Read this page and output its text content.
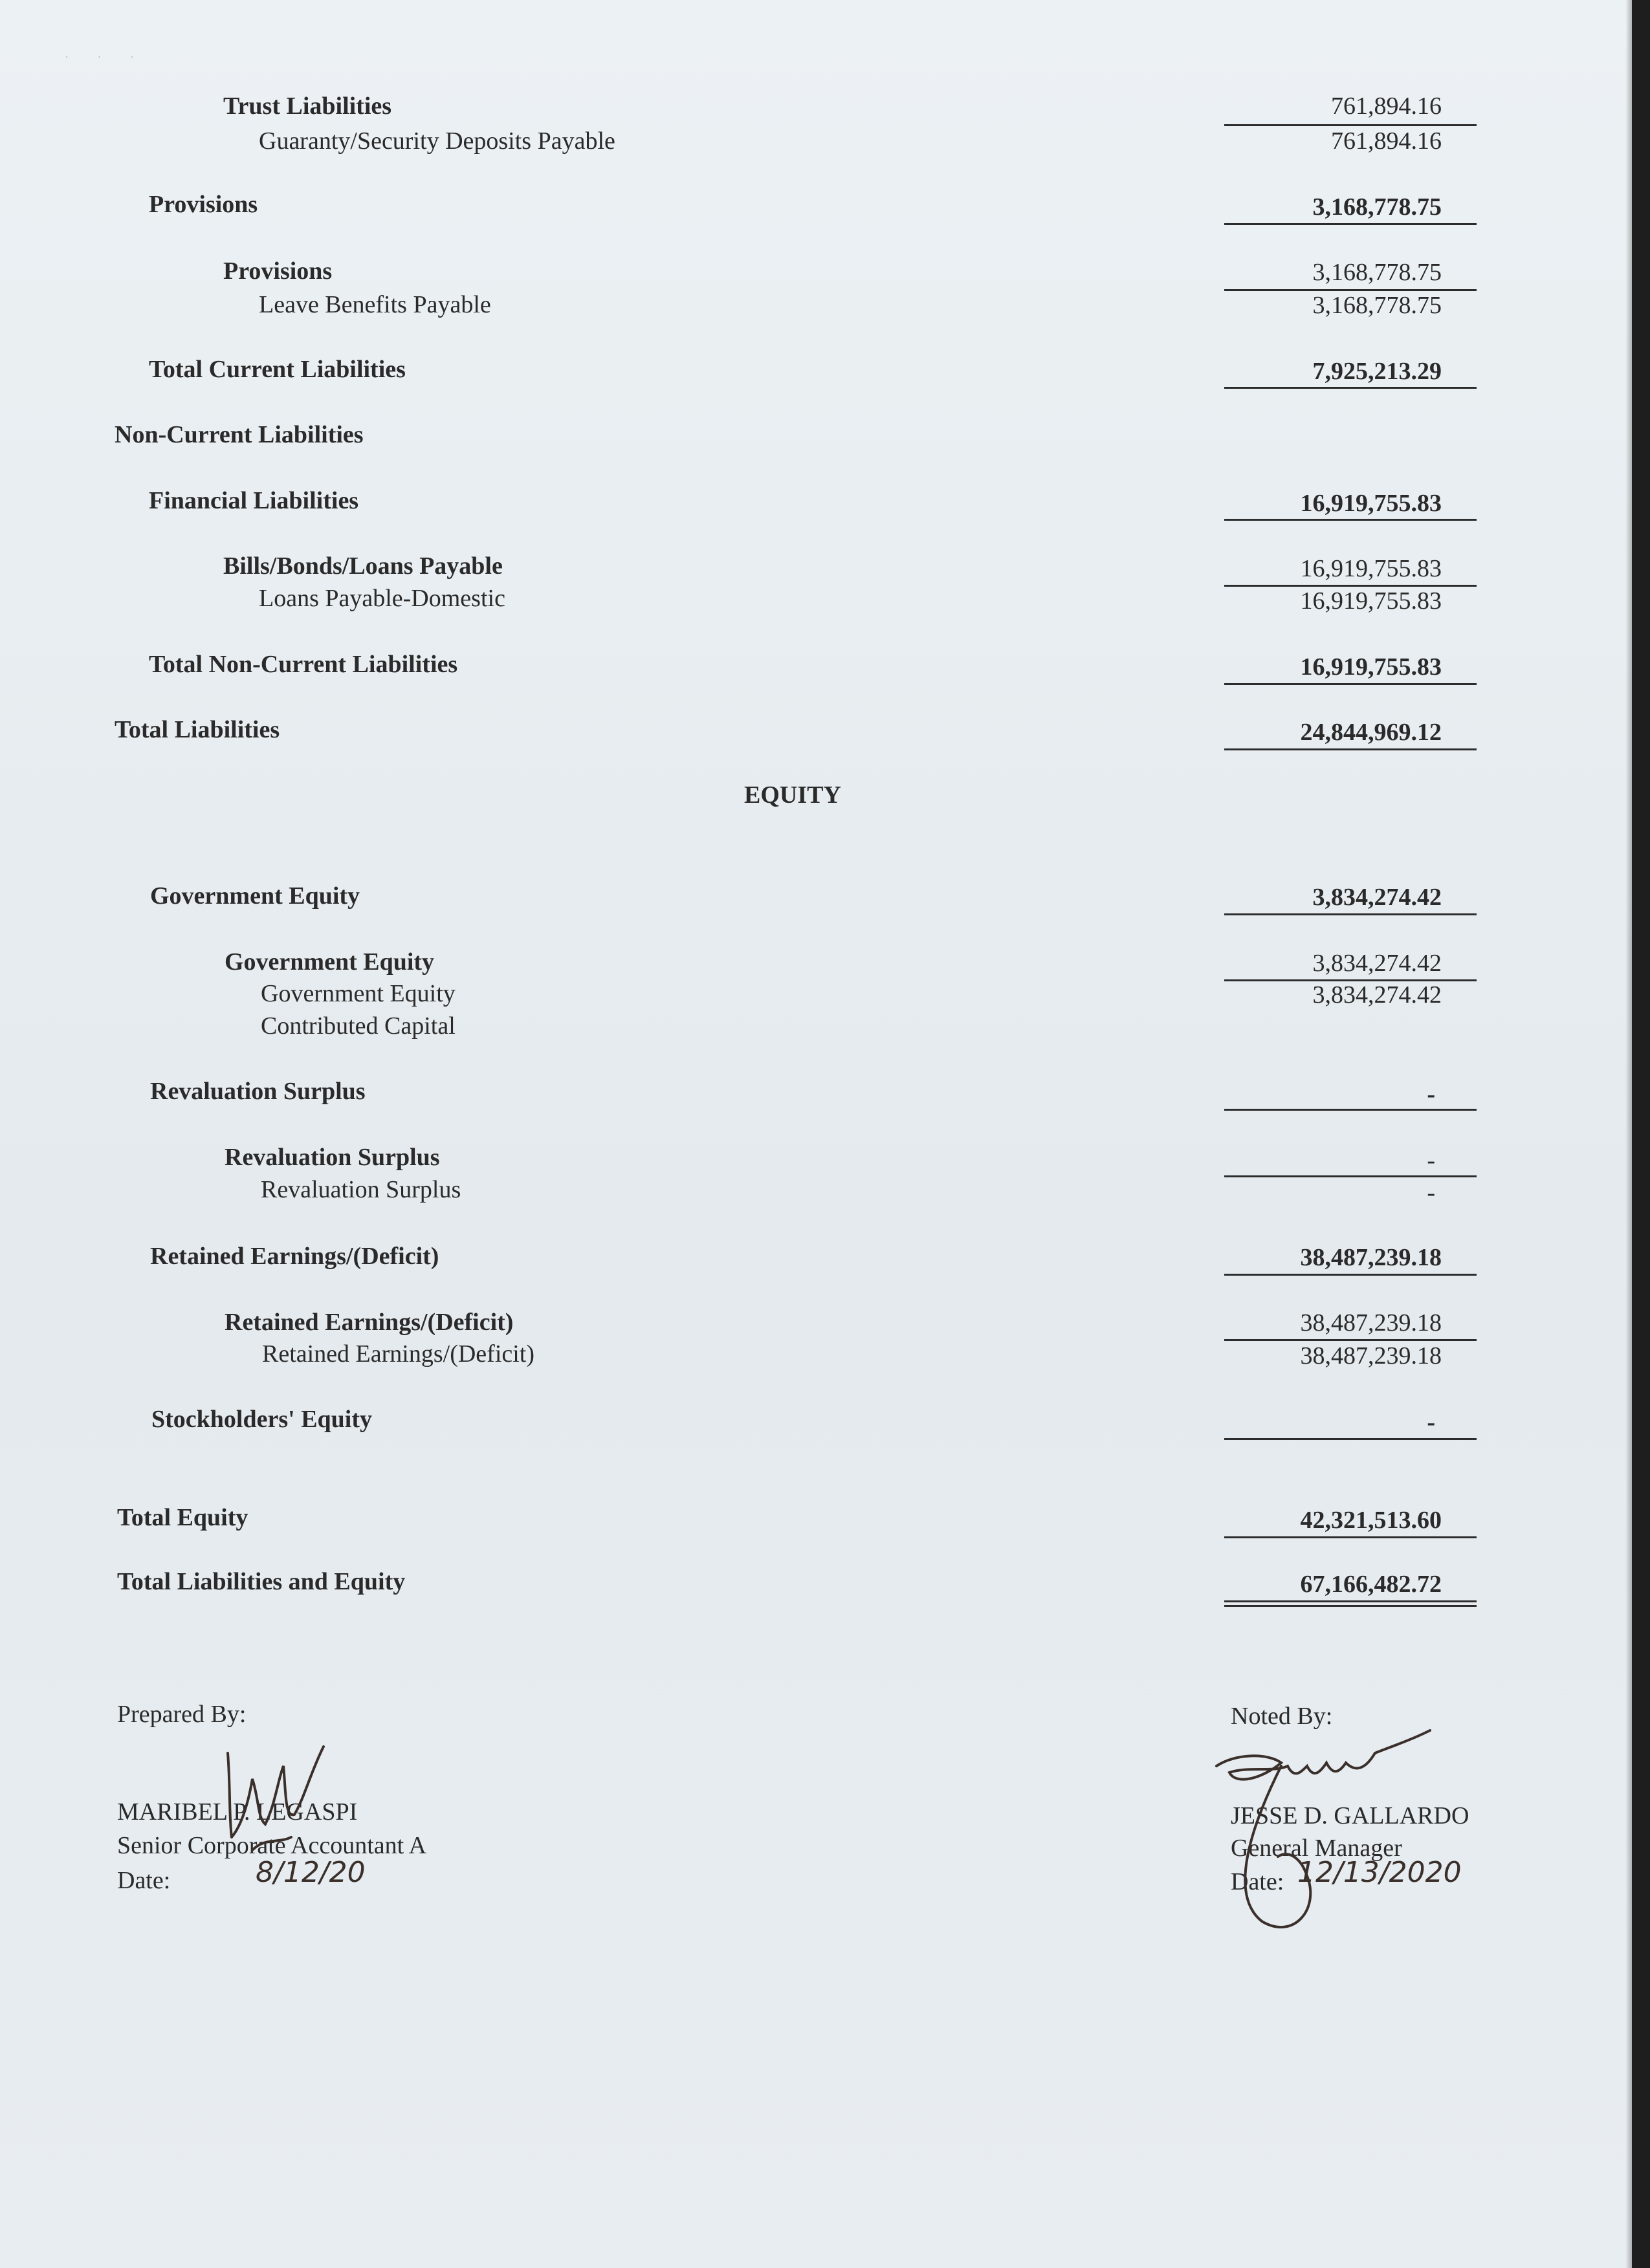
· · ·
Trust Liabilities	761,894.16
Guaranty/Security Deposits Payable	761,894.16
Provisions	3,168,778.75
Provisions	3,168,778.75
Leave Benefits Payable	3,168,778.75
Total Current Liabilities	7,925,213.29
Non-Current Liabilities
Financial Liabilities	16,919,755.83
Bills/Bonds/Loans Payable	16,919,755.83
Loans Payable-Domestic	16,919,755.83
Total Non-Current Liabilities	16,919,755.83
Total Liabilities	24,844,969.12
EQUITY
Government Equity	3,834,274.42
Government Equity	3,834,274.42
Government Equity	3,834,274.42
Contributed Capital
Revaluation Surplus	-
Revaluation Surplus	-
Revaluation Surplus	-
Retained Earnings/(Deficit)	38,487,239.18
Retained Earnings/(Deficit)	38,487,239.18
Retained Earnings/(Deficit)	38,487,239.18
Stockholders' Equity	-
Total Equity	42,321,513.60
Total Liabilities and Equity	67,166,482.72
Prepared By:
MARIBEL P. LEGASPI
Senior Corporate Accountant A
Date:	8/12/20
Noted By:
JESSE D. GALLARDO
General Manager
Date: 12/13/2020
